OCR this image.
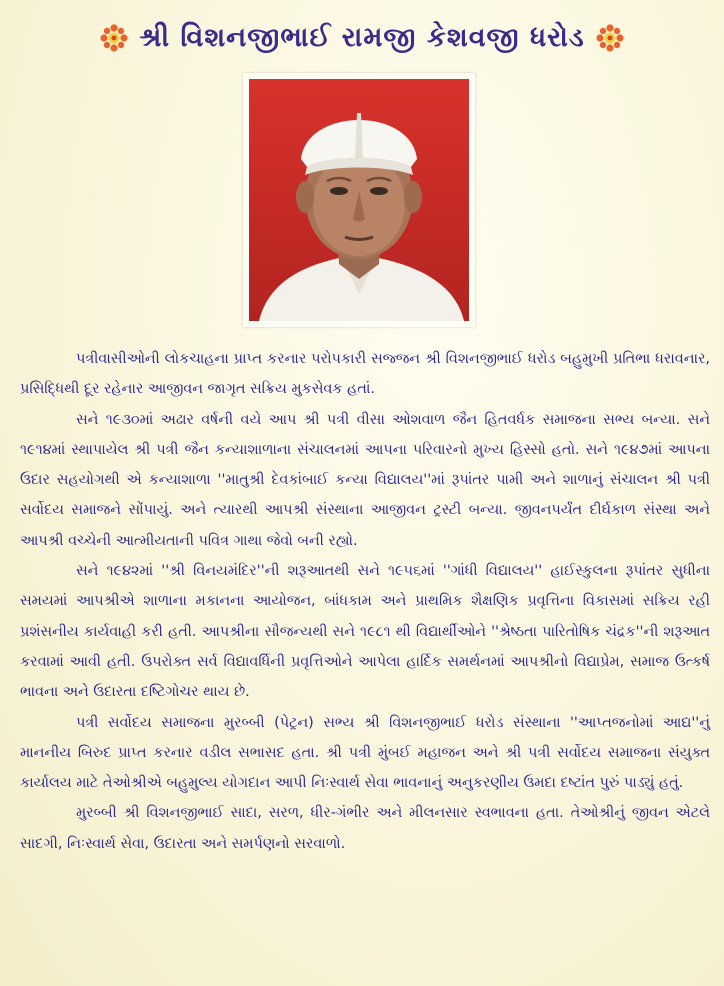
શ્રી વિશનજીભાઈ રામજી કેશવજી ધરોડ

પત્રીવાસીઓની લોકચાહના પ્રાપ્ત કરનાર પરોપકારી સજ્જન શ્રી વિશનજીભાઈ ધરોડ બહુમુખી પ્રતિભા ધરાવનાર, પ્રસિદ્ધિથી દૂર રહેનાર આજીવન જાગૃત સક્રિય મુકસેવક હતાં.

સને ૧૯૩૦માં અઢાર વર્ષની વયે આપ શ્રી પત્રી વીસા ઓશવાળ જૈન હિતવર્ધક સમાજના સભ્ય બન્યા. સને ૧૯૧૪માં સ્થાપાયેલ શ્રી પત્રી જૈન કન્યાશાળાના સંચાલનમાં આપના પરિવારનો મુખ્ય હિસ્સો હતો. સને ૧૯૪૭માં આપના ઉદાર સહયોગથી એ કન્યાશાળા ''માતુશ્રી દેવકાંબાઈ કન્યા વિદ્યાલય''માં રૂપાંતર પામી અને શાળાનું સંચાલન શ્રી પત્રી સર્વોદય સમાજને સોંપાયું. અને ત્યારથી આપશ્રી સંસ્થાના આજીવન ટ્રસ્ટી બન્યા. જીવનપર્યંત દીર્ઘકાળ સંસ્થા અને આપશ્રી વચ્ચેની આત્મીયતાની પવિત્ર ગાથા જેવો બની રહ્યો.

સને ૧૯૪૨માં ''શ્રી વિનયમંદિર''ની શરૂઆતથી સને ૧૯૫૬માં ''ગાંધી વિદ્યાલય'' હાઈસ્કુલના રૂપાંતર સુધીના સમયમાં આપશ્રીએ શાળાના મકાનના આયોજન, બાંધકામ અને પ્રાથમિક શૈક્ષણિક પ્રવૃત્તિના વિકાસમાં સક્રિય રહી પ્રશંસનીય કાર્યવાહી કરી હતી. આપશ્રીના સૌજન્યથી સને ૧૯૮૧ થી વિદ્યાર્થીઓને ''શ્રેષ્ઠતા પારિતોષિક ચંદ્રક''ની શરૂઆત કરવામાં આવી હતી. ઉપરોક્ત સર્વ વિદ્યાવર્ધિની પ્રવૃત્તિઓને આપેલા હાર્દિક સમર્થનમાં આપશ્રીનો વિદ્યાપ્રેમ, સમાજ ઉત્કર્ષ ભાવના અને ઉદારતા દષ્ટિગોચર થાય છે.

પત્રી સર્વોદય સમાજના મુરબ્બી (પેટ્રન) સભ્ય શ્રી વિશનજીભાઈ ધરોડ સંસ્થાના ''આપ્તજનોમાં આદ્ય''નું માનનીય બિરુદ પ્રાપ્ત કરનાર વડીલ સભાસદ હતા. શ્રી પત્રી મુંબઈ મહાજન અને શ્રી પત્રી સર્વોદય સમાજના સંયુક્ત કાર્યાલય માટે તેઓશ્રીએ બહુમુલ્ય યોગદાન આપી નિઃસ્વાર્થ સેવા ભાવનાનું અનુકરણીય ઉમદા દષ્ટાંત પુરું પાડ્યું હતું.

મુરબ્બી શ્રી વિશનજીભાઈ સાદા, સરળ, ધીર-ગંભીર અને મીલનસાર સ્વભાવના હતા. તેઓશ્રીનું જીવન એટલે સાદગી, નિઃસ્વાર્થ સેવા, ઉદારતા અને સમર્પણનો સરવાળો.
